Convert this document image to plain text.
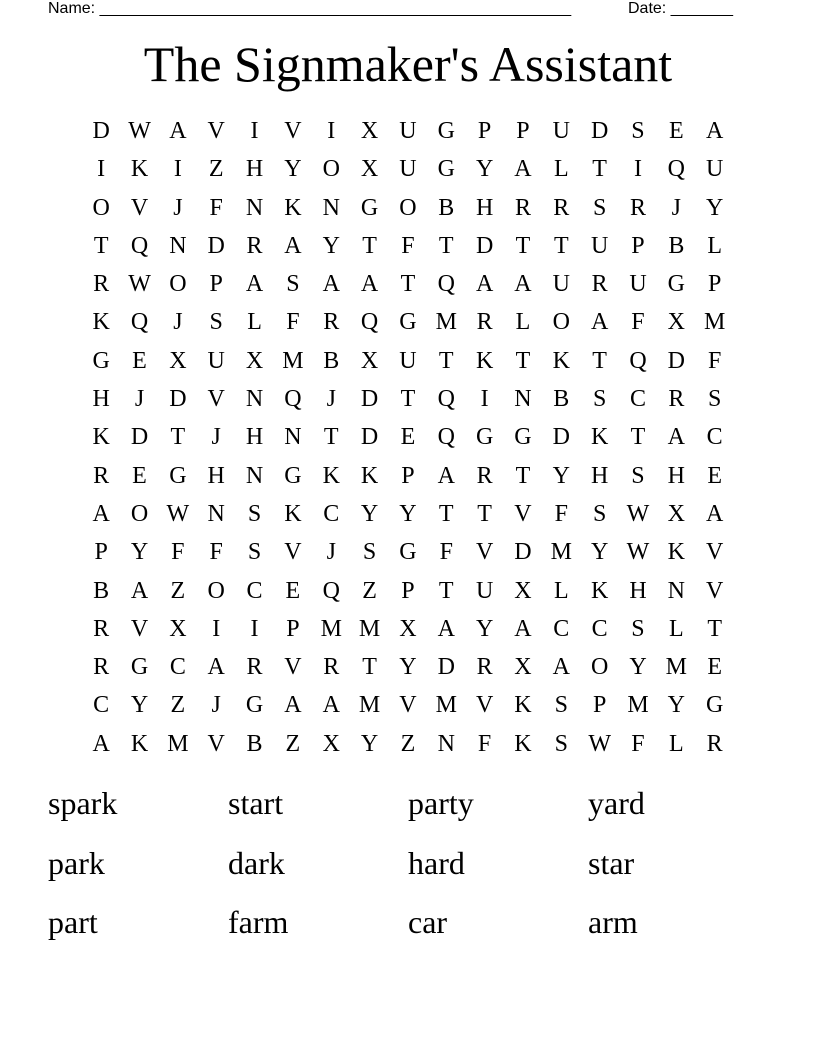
Name: _____________________________________________________	Date: _______
The Signmaker's Assistant
D W A V	I	V	I	X U G P	P U D S	E A
I	K	I	Z H Y O X U G Y A L T	I	Q U
O V	J	F N K N G O B H R R S R	J	Y
T Q N D R A Y T	F	T D T T U P B L
R W O P A S A A T Q A A U R U G P
K Q	J	S	L	F R Q G M R L O A F X M
G E X U X M B X U T K T K T Q D F
H	J	D V N Q	J	D T Q	I	N B S C R S
K D T	J	H N T D E Q G G D K T A C
R E G H N G K K P A R T Y H S H E
A O W N S K C Y Y T T V F	S W X A
P Y F	F	S V	J	S G F V D M Y W K V
B A Z O C E Q Z	P	T U X L K H N V
R V X	I	I	P M M X A Y A C C S	L T
R G C A R V R T Y D R X A O Y M E
C Y Z	J	G A A M V M V K S	P M Y G
A K M V B Z X Y Z N F K S W F	L R
spark	start	party	yard
park	dark	hard	star
part	farm	car	arm
